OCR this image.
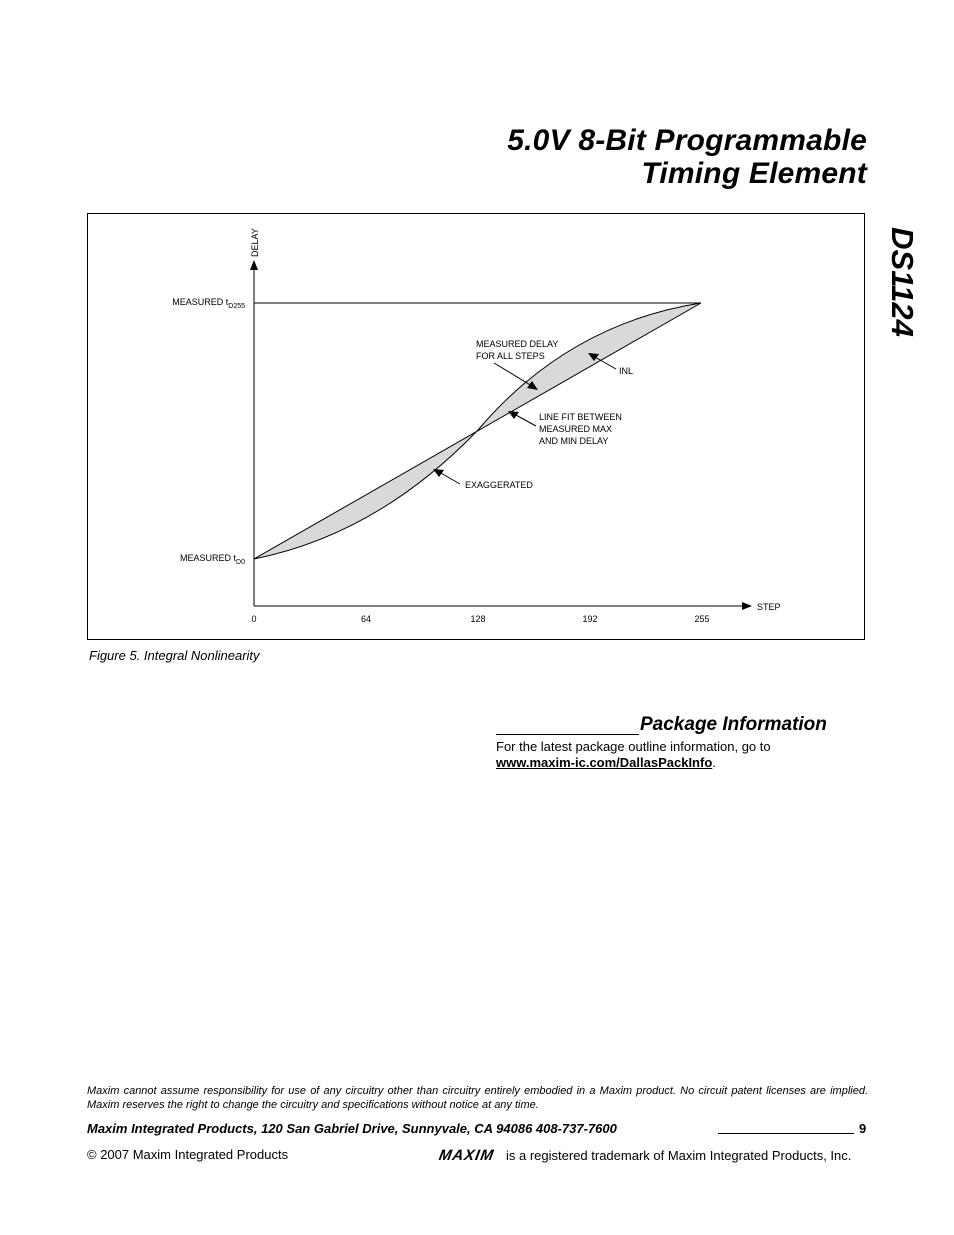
5.0V 8-Bit Programmable
Timing Element
DS1124
DELAY
STEP
0	64	128	192	255
MEASURED $t_{D255}$
MEASURED $t_{D0}$
MEASURED DELAY
FOR ALL STEPS
INL
LINE FIT BETWEEN
MEASURED MAX
AND MIN DELAY
EXAGGERATED
Figure 5. Integral Nonlinearity
Package Information
For the latest package outline information, go to
www.maxim-ic.com/DallasPackInfo.
Maxim cannot assume responsibility for use of any circuitry other than circuitry entirely embodied in a Maxim product. No circuit patent licenses are implied. Maxim reserves the right to change the circuitry and specifications without notice at any time.
Maxim Integrated Products, 120 San Gabriel Drive, Sunnyvale, CA 94086 408-737-7600	9
© 2007 Maxim Integrated Products	MAXIM is a registered trademark of Maxim Integrated Products, Inc.
